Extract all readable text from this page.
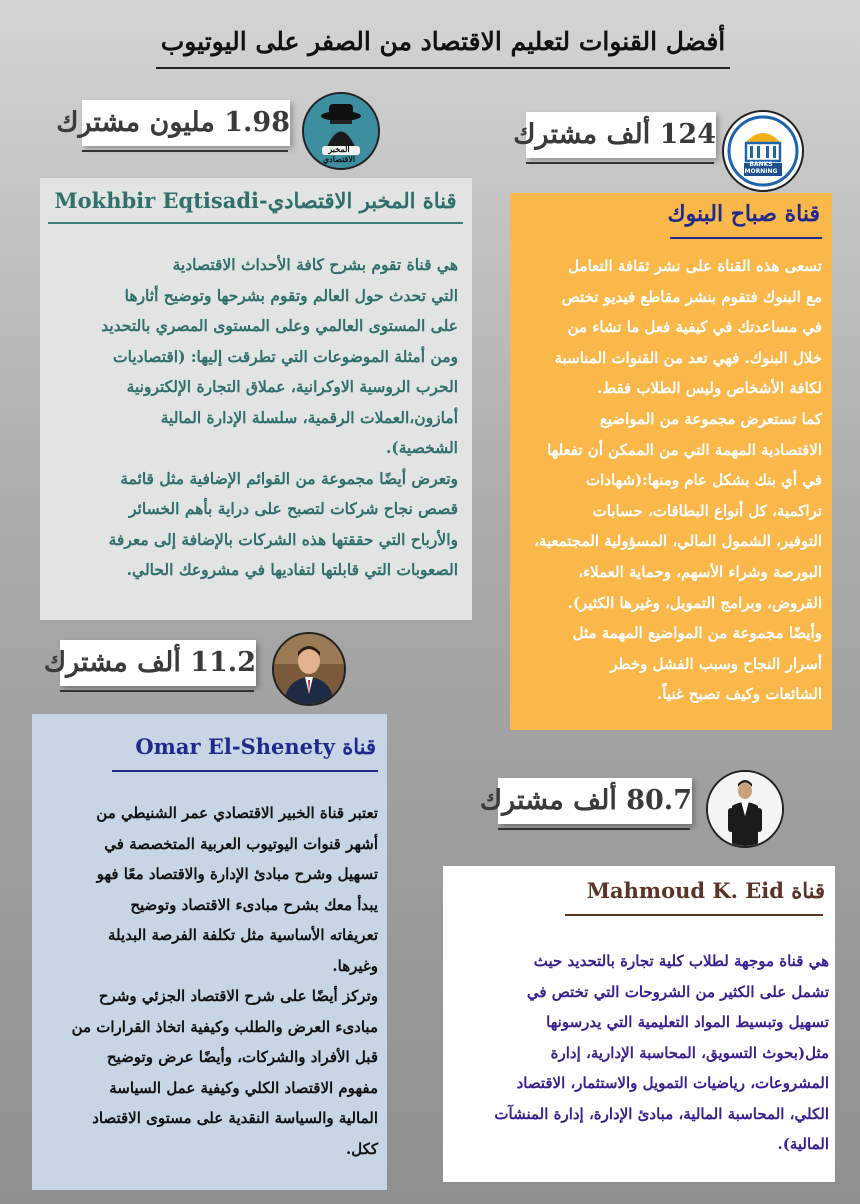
أفضل القنوات لتعليم الاقتصاد من الصفر على اليوتيوب
1.98 مليون مشترك
المخبر الاقتصادي
قناة المخبر الاقتصادي-Mokhbir Eqtisadi
هي قناة تقوم بشرح كافة الأحداث الاقتصادية
التي تحدث حول العالم وتقوم بشرحها وتوضيح أثارها
على المستوى العالمي وعلى المستوى المصري بالتحديد
ومن أمثلة الموضوعات التي تطرقت إليها: (اقتصاديات
الحرب الروسية الاوكرانية، عملاق التجارة الإلكترونية
أمازون،العملات الرقمية، سلسلة الإدارة المالية
الشخصية).
وتعرض أيضًا مجموعة من القوائم الإضافية مثل قائمة
قصص نجاح شركات لتصبح على دراية بأهم الخسائر
والأرباح التي حققتها هذه الشركات بالإضافة إلى معرفة
الصعوبات التي قابلتها لتفاديها في مشروعك الحالي.
124 ألف مشترك
BANKS MORNING
قناة صباح البنوك
تسعى هذه القناة على نشر ثقافة التعامل
مع البنوك فتقوم بنشر مقاطع فيديو تختص
في مساعدتك في كيفية فعل ما تشاء من
خلال البنوك. فهي تعد من القنوات المناسبة
لكافة الأشخاص وليس الطلاب فقط.
كما تستعرض مجموعة من المواضيع
الاقتصادية المهمة التي من الممكن أن تفعلها
في أي بنك بشكل عام ومنها:(شهادات
تراكمية، كل أنواع البطاقات، حسابات
التوفير، الشمول المالي، المسؤولية المجتمعية،
البورصة وشراء الأسهم، وحماية العملاء،
القروض، وبرامج التمويل، وغيرها الكثير).
وأيضًا مجموعة من المواضيع المهمة مثل
أسرار النجاح وسبب الفشل وخطر
الشائعات وكيف تصبح غنياً.
11.2 ألف مشترك
قناة Omar El-Shenety
تعتبر قناة الخبير الاقتصادي عمر الشنيطي من
أشهر قنوات اليوتيوب العربية المتخصصة في
تسهيل وشرح مبادئ الإدارة والاقتصاد معًا فهو
يبدأ معك بشرح مبادىء الاقتصاد وتوضيح
تعريفاته الأساسية مثل تكلفة الفرصة البديلة
وغيرها.
وتركز أيضًا على شرح الاقتصاد الجزئي وشرح
مبادىء العرض والطلب وكيفية اتخاذ القرارات من
قبل الأفراد والشركات، وأيضًا عرض وتوضيح
مفهوم الاقتصاد الكلي وكيفية عمل السياسة
المالية والسياسة النقدية على مستوى الاقتصاد
ككل.
80.7 ألف مشترك
قناة Mahmoud K. Eid
هي قناة موجهة لطلاب كلية تجارة بالتحديد حيث
تشمل على الكثير من الشروحات التي تختص في
تسهيل وتبسيط المواد التعليمية التي يدرسونها
مثل(بحوث التسويق، المحاسبة الإدارية، إدارة
المشروعات، رياضيات التمويل والاستثمار، الاقتصاد
الكلي، المحاسبة المالية، مبادئ الإدارة، إدارة المنشآت
المالية).
